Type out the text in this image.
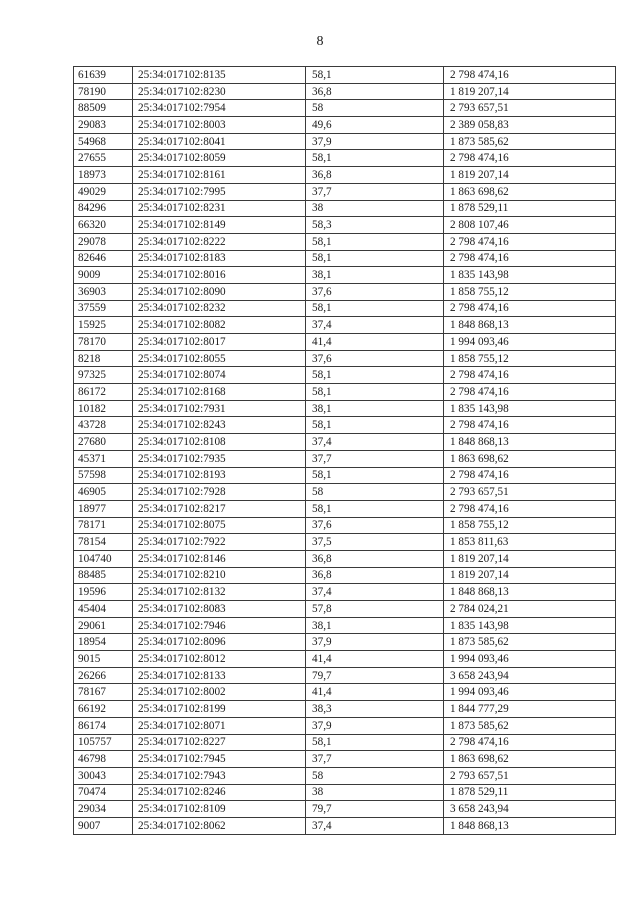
8
61639	25:34:017102:8135	58,1	2 798 474,16
78190	25:34:017102:8230	36,8	1 819 207,14
88509	25:34:017102:7954	58	2 793 657,51
29083	25:34:017102:8003	49,6	2 389 058,83
54968	25:34:017102:8041	37,9	1 873 585,62
27655	25:34:017102:8059	58,1	2 798 474,16
18973	25:34:017102:8161	36,8	1 819 207,14
49029	25:34:017102:7995	37,7	1 863 698,62
84296	25:34:017102:8231	38	1 878 529,11
66320	25:34:017102:8149	58,3	2 808 107,46
29078	25:34:017102:8222	58,1	2 798 474,16
82646	25:34:017102:8183	58,1	2 798 474,16
9009	25:34:017102:8016	38,1	1 835 143,98
36903	25:34:017102:8090	37,6	1 858 755,12
37559	25:34:017102:8232	58,1	2 798 474,16
15925	25:34:017102:8082	37,4	1 848 868,13
78170	25:34:017102:8017	41,4	1 994 093,46
8218	25:34:017102:8055	37,6	1 858 755,12
97325	25:34:017102:8074	58,1	2 798 474,16
86172	25:34:017102:8168	58,1	2 798 474,16
10182	25:34:017102:7931	38,1	1 835 143,98
43728	25:34:017102:8243	58,1	2 798 474,16
27680	25:34:017102:8108	37,4	1 848 868,13
45371	25:34:017102:7935	37,7	1 863 698,62
57598	25:34:017102:8193	58,1	2 798 474,16
46905	25:34:017102:7928	58	2 793 657,51
18977	25:34:017102:8217	58,1	2 798 474,16
78171	25:34:017102:8075	37,6	1 858 755,12
78154	25:34:017102:7922	37,5	1 853 811,63
104740	25:34:017102:8146	36,8	1 819 207,14
88485	25:34:017102:8210	36,8	1 819 207,14
19596	25:34:017102:8132	37,4	1 848 868,13
45404	25:34:017102:8083	57,8	2 784 024,21
29061	25:34:017102:7946	38,1	1 835 143,98
18954	25:34:017102:8096	37,9	1 873 585,62
9015	25:34:017102:8012	41,4	1 994 093,46
26266	25:34:017102:8133	79,7	3 658 243,94
78167	25:34:017102:8002	41,4	1 994 093,46
66192	25:34:017102:8199	38,3	1 844 777,29
86174	25:34:017102:8071	37,9	1 873 585,62
105757	25:34:017102:8227	58,1	2 798 474,16
46798	25:34:017102:7945	37,7	1 863 698,62
30043	25:34:017102:7943	58	2 793 657,51
70474	25:34:017102:8246	38	1 878 529,11
29034	25:34:017102:8109	79,7	3 658 243,94
9007	25:34:017102:8062	37,4	1 848 868,13
